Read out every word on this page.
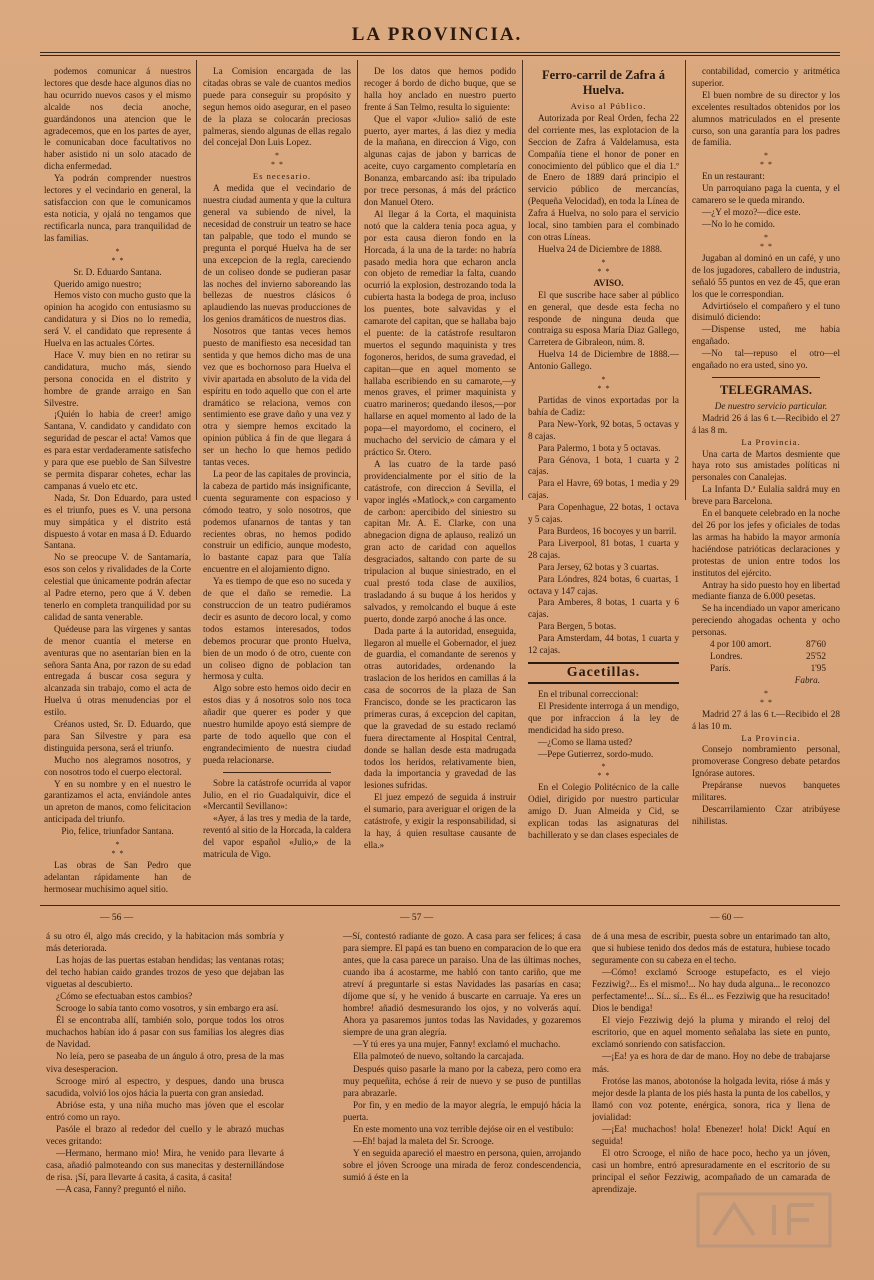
LA PROVINCIA.

podemos comunicar á nuestros lectores que desde hace algunos dias no hau ocurrido nuevos casos y el mismo alcalde nos decia anoche, guardándonos una atencion que le agradecemos, que en los partes de ayer, le comunicaban doce facultativos no haber asistido ni un solo atacado de dicha enfermedad.

Ya podrán comprender nuestros lectores y el vecindario en general, la satisfaccion con que le comunicamos esta noticia, y ojalá no tengamos que rectificarla nunca, para tranquilidad de las familias.

*
*  *

Sr. D. Eduardo Santana.

Querido amigo nuestro;

Hemos visto con mucho gusto que la opinion ha acogido con entusiasmo su candidatura y si Dios no lo remedia, será V. el candidato que represente á Huelva en las actuales Córtes.

Hace V. muy bien en no retirar su candidatura, mucho más, siendo persona conocida en el distrito y hombre de grande arraigo en San Silvestre.

¡Quién lo habia de creer! amigo Santana, V. candidato y candidato con seguridad de pescar el acta! Vamos que es para estar verdaderamente satisfecho y para que ese pueblo de San Silvestre se permita disparar cohetes, echar las campanas á vuelo etc etc.

Nada, Sr. Don Eduardo, para usted es el triunfo, pues es V. una persona muy simpática y el distrito está dispuesto á votar en masa á D. Eduardo Santana.

No se preocupe V. de Santamaría, esos son celos y rivalidades de la Corte celestial que únicamente podrán afectar al Padre eterno, pero que á V. deben tenerlo en completa tranquilidad por su calidad de santa venerable.

Quédeuse para las vírgenes y santas de menor cuantía el meterse en aventuras que no asentarían bien en la señora Santa Ana, por razon de su edad entregada á buscar cosa segura y alcanzada sin trabajo, como el acta de Huelva ú otras menudencias por el estilo.

Créanos usted, Sr. D. Eduardo, que para San Silvestre y para esa distinguida persona, será el triunfo.

Mucho nos alegramos nosotros, y con nosotros todo el cuerpo electoral.

Y en su nombre y en el nuestro le garantizamos el acta, enviándole antes un apreton de manos, como felicitacion anticipada del triunfo.

Pio, felice, triunfador Santana.

*
*  *

Las obras de San Pedro que adelantan rápidamente han de hermosear muchísimo aquel sitio.

La Comision encargada de las citadas obras se vale de cuantos medios puede para conseguir su propósito y segun hemos oido asegurar, en el paseo de la plaza se colocarán preciosas palmeras, siendo algunas de ellas regalo del concejal Don Luis Lopez.

*
*  *

Es necesario.

A medida que el vecindario de nuestra ciudad aumenta y que la cultura general va subiendo de nivel, la necesidad de construir un teatro se hace tan palpable, que todo el mundo se pregunta el porqué Huelva ha de ser una excepcion de la regla, careciendo de un coliseo donde se pudieran pasar las noches del invierno saboreando las bellezas de nuestros clásicos ó aplaudiendo las nuevas producciones de los genios dramáticos de nuestros dias.

Nosotros que tantas veces hemos puesto de manifiesto esa necesidad tan sentida y que hemos dicho mas de una vez que es bochornoso para Huelva el vivir apartada en absoluto de la vida del espíritu en todo aquello que con el arte dramático se relaciona, vemos con sentimiento ese grave daño y una vez y otra y siempre hemos excitado la opinion pública á fin de que llegara á ser un hecho lo que hemos pedido tantas veces.

La peor de las capitales de provincia, la cabeza de partido más insignificante, cuenta seguramente con espacioso y cómodo teatro, y solo nosotros, que podemos ufanarnos de tantas y tan recientes obras, no hemos podido construir un edificio, aunque modesto, lo bastante capaz para que Talía encuentre en el alojamiento digno.

Ya es tiempo de que eso no suceda y de que el daño se remedie. La construccion de un teatro pudiéramos decir es asunto de decoro local, y como todos estamos interesados, todos debemos procurar que pronto Huelva, bien de un modo ó de otro, cuente con un coliseo digno de poblacion tan hermosa y culta.

Algo sobre esto hemos oido decir en estos dias y á nosotros solo nos toca añadir que querer es poder y que nuestro humilde apoyo está siempre de parte de todo aquello que con el engrandecimiento de nuestra ciudad pueda relacionarse.

Sobre la catástrofe ocurrida al vapor Julio, en el rio Guadalquivir, dice el «Mercantil Sevillano»:

«Ayer, á las tres y media de la tarde, reventó al sitio de la Horcada, la caldera del vapor español «Julio,» de la matricula de Vigo.

De los datos que hemos podido recoger á bordo de dicho buque, que se halla hoy anclado en nuestro puerto frente á San Telmo, resulta lo siguiente:

Que el vapor «Julio» salió de este puerto, ayer martes, á las diez y media de la mañana, en direccion á Vigo, con algunas cajas de jabon y barricas de aceite, cuyo cargamento completaría en Bonanza, embarcando así: iba tripulado por trece personas, á más del práctico don Manuel Otero.

Al llegar á la Corta, el maquinista notó que la caldera tenia poca agua, y por esta causa dieron fondo en la Horcada, á la una de la tarde: no habría pasado media hora que echaron ancla con objeto de remediar la falta, cuando ocurrió la explosion, destrozando toda la cubierta hasta la bodega de proa, incluso los puentes, bote salvavidas y el camarote del capitan, que se hallaba bajo el puente: de la catástrofe resultaron muertos el segundo maquinista y tres fogoneros, heridos, de suma gravedad, el capitan—que en aquel momento se hallaba escribiendo en su camarote,—y menos graves, el primer maquinista y cuatro marineros; quedando ilesos,—por hallarse en aquel momento al lado de la popa—el mayordomo, el cocinero, el muchacho del servicio de cámara y el práctico Sr. Otero.

A las cuatro de la tarde pasó providencialmente por el sitio de la catástrofe, con direccion á Sevilla, el vapor inglés «Matlock,» con cargamento de carbon: apercibido del siniestro su capitan Mr. A. E. Clarke, con una abnegacion digna de aplauso, realizó un gran acto de caridad con aquellos desgraciados, saltando con parte de su tripulacion al buque siniestrado, en el cual prestó toda clase de auxilios, trasladando á su buque á los heridos y salvados, y remolcando el buque á este puerto, donde zarpó anoche á las once.

Dada parte á la autoridad, enseguida, llegaron al muelle el Gobernador, el juez de guardia, el comandante de serenos y otras autoridades, ordenando la traslacion de los heridos en camillas á la casa de socorros de la plaza de San Francisco, donde se les practicaron las primeras curas, á excepcion del capitan, que la gravedad de su estado reclamó fuera directamente al Hospital Central, donde se hallan desde esta madrugada todos los heridos, relativamente bien, dada la importancia y gravedad de las lesiones sufridas.

El juez empezó de seguida á instruir el sumario, para averiguar el origen de la catástrofe, y exigir la responsabilidad, si la hay, á quien resultase causante de ella.»

Ferro-carril de Zafra á Huelva.

Aviso al Público.

Autorizada por Real Orden, fecha 22 del corriente mes, las explotacion de la Seccion de Zafra á Valdelamusa, esta Compañía tiene el honor de poner en conocimiento del público que el dia 1.º de Enero de 1889 dará principio el servicio público de mercancías, (Pequeña Velocidad), en toda la Línea de Zafra á Huelva, no solo para el servicio local, sino tambien para el combinado con otras Líneas.

Huelva 24 de Diciembre de 1888.

*
*  *

AVISO.

El que suscribe hace saber al público en general, que desde esta fecha no responde de ninguna deuda que contraiga su esposa María Diaz Gallego, Carretera de Gibraleon, núm. 8.

Huelva 14 de Diciembre de 1888.—Antonio Gallego.

*
*  *

Partidas de vinos exportadas por la bahía de Cadiz:

Para New-York, 92 botas, 5 octavas y 8 cajas.

Para Palermo, 1 bota y 5 octavas.

Para Génova, 1 bota, 1 cuarta y 2 cajas.

Para el Havre, 69 botas, 1 media y 29 cajas.

Para Copenhague, 22 botas, 1 octava y 5 cajas.

Para Burdeos, 16 bocoyes y un barril.

Para Liverpool, 81 botas, 1 cuarta y 28 cajas.

Para Jersey, 62 botas y 3 cuartas.

Para Lóndres, 824 botas, 6 cuartas, 1 octava y 147 cajas.

Para Amberes, 8 botas, 1 cuarta y 6 cajas.

Para Bergen, 5 botas.

Para Amsterdam, 44 botas, 1 cuarta y 12 cajas.

Gacetillas.

En el tribunal correccional:

El Presidente interroga á un mendigo, que por infraccion á la ley de mendicidad ha sido preso.

—¿Como se llama usted?

—Pepe Gutierrez, sordo-mudo.

*
*  *

En el Colegio Politécnico de la calle Odiel, dirigido por nuestro particular amigo D. Juan Almeida y Cid, se explican todas las asignaturas del bachillerato y se dan clases especiales de

contabilidad, comercio y aritmética superior.

El buen nombre de su director y los excelentes resultados obtenidos por los alumnos matriculados en el presente curso, son una garantía para los padres de familia.

*
*  *

En un restaurant:

Un parroquiano paga la cuenta, y el camarero se le queda mirando.

—¿Y el mozo?—dice este.

—No lo he comido.

*
*  *

Jugaban al dominó en un café, y uno de los jugadores, caballero de industria, señaló 55 puntos en vez de 45, que eran los que le correspondian.

Advirtióselo el compañero y el tuno disimuló diciendo:

—Dispense usted, me habia engañado.

—No tal—repuso el otro—el engañado no era usted, sino yo.

TELEGRAMAS.

De nuestro servicio particular.

Madrid 26 á las 6 t.—Recibido el 27 á las 8 m.

La Provincia.

Una carta de Martos desmiente que haya roto sus amistades políticas ni personales con Canalejas.

La Infanta D.ª Eulalia saldrá muy en breve para Barcelona.

En el banquete celebrado en la noche del 26 por los jefes y oficiales de todas las armas ha habido la mayor armonía haciéndose patrióticas declaraciones y protestas de union entre todos los institutos del ejército.

Antray ha sido puesto hoy en libertad mediante fianza de 6.000 pesetas.

Se ha incendiado un vapor americano pereciendo ahogadas ochenta y ocho personas.

4 por 100 amort.	87'60
Londres.	25'52
París.	1'95

Fabra.

*
*  *

Madrid 27 á las 6 t.—Recibido el 28 á las 10 m.

La Provincia.

Consejo nombramiento personal, promoverase Congreso debate petardos Ignórase autores.

Prepáranse nuevos banquetes militares.

Descarrilamiento Czar atribúyese nihilistas.

— 56 —	— 57 —	— 60 —

á su otro él, algo más crecido, y la habitacion más sombría y más deteriorada.

Las hojas de las puertas estaban hendidas; las ventanas rotas; del techo habian caido grandes trozos de yeso que dejaban las viguetas al descubierto.

¿Cómo se efectuaban estos cambios?

Scrooge lo sabía tanto como vosotros, y sin embargo era así.

Él se encontraba allí, también solo, porque todos los otros muchachos habían ido á pasar con sus familias los alegres dias de Navidad.

No leía, pero se paseaba de un ángulo á otro, presa de la mas viva desesperacion.

Scrooge miró al espectro, y despues, dando una brusca sacudida, volvió los ojos hácia la puerta con gran ansiedad.

Abrióse esta, y una niña mucho mas jóven que el escolar entró como un rayo.

Pasóle el brazo al rededor del cuello y le abrazó muchas veces gritando:

—Hermano, hermano mio! Mira, he venido para llevarte á casa, añadió palmoteando con sus manecitas y desternillándose de risa. ¡Sí, para llevarte á casita, á casita, á casita!

—A casa, Fanny? preguntó el niño.

—Sí, contestó radiante de gozo. A casa para ser felices; á casa para siempre. El papá es tan bueno en comparacion de lo que era antes, que la casa parece un paraiso. Una de las últimas noches, cuando iba á acostarme, me habló con tanto cariño, que me atreví á preguntarle si estas Navidades las pasarías en casa; díjome que sí, y he venido á buscarte en carruaje. Ya eres un hombre! añadió desmesurando los ojos, y no volverás aquí. Ahora ya pasaremos juntos todas las Navidades, y gozaremos siempre de una gran alegría.

—Y tú eres ya una mujer, Fanny! exclamó el muchacho.

Ella palmoteó de nuevo, soltando la carcajada.

Después quiso pasarle la mano por la cabeza, pero como era muy pequeñita, echóse á reir de nuevo y se puso de puntillas para abrazarle.

Por fin, y en medio de la mayor alegría, le empujó hácia la puerta.

En este momento una voz terrible dejóse oir en el vestíbulo:

—Eh! bajad la maleta del Sr. Scrooge.

Y en seguida apareció el maestro en persona, quien, arrojando sobre el jóven Scrooge una mirada de feroz condescendencia, sumió á éste en la

de á una mesa de escribir, puesta sobre un entarimado tan alto, que si hubiese tenido dos dedos más de estatura, hubiese tocado seguramente con su cabeza en el techo.

—Cómo! exclamó Scrooge estupefacto, es el viejo Fezziwig?... Es el mismo!... No hay duda alguna... le reconozco perfectamente!... Sí... sí... Es él... es Fezziwig que ha resucitado! Dios le bendiga!

El viejo Fezziwig dejó la pluma y mirando el reloj del escritorio, que en aquel momento señalaba las siete en punto, exclamó sonriendo con satisfaccion.

—¡Ea! ya es hora de dar de mano. Hoy no debe de trabajarse más.

Frotóse las manos, abotonóse la holgada levita, rióse á más y mejor desde la planta de los piés hasta la punta de los cabellos, y llamó con voz potente, enérgica, sonora, rica y llena de jovialidad:

—¡Ea! muchachos! hola! Ebenezer! hola! Dick! Aquí en seguida!

El otro Scrooge, el niño de hace poco, hecho ya un jóven, casi un hombre, entró apresuradamente en el escritorio de su principal el señor Fezziwig, acompañado de un camarada de aprendizaje.
